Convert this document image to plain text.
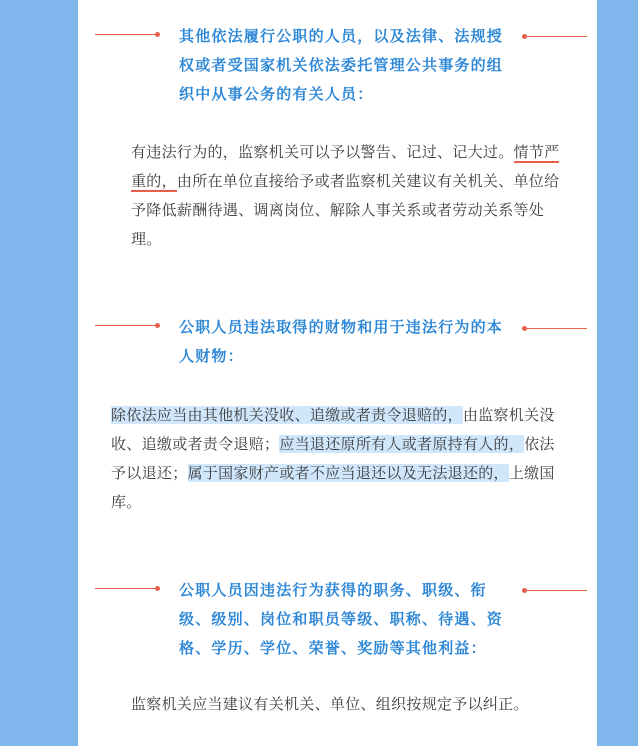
其他依法履行公职的人员，以及法律、法规授权或者受国家机关依法委托管理公共事务的组织中从事公务的有关人员：
有违法行为的，监察机关可以予以警告、记过、记大过。情节严重的，由所在单位直接给予或者监察机关建议有关机关、单位给予降低薪酬待遇、调离岗位、解除人事关系或者劳动关系等处理。
公职人员违法取得的财物和用于违法行为的本人财物：
除依法应当由其他机关没收、追缴或者责令退赔的，由监察机关没收、追缴或者责令退赔；应当退还原所有人或者原持有人的，依法予以退还；属于国家财产或者不应当退还以及无法退还的，上缴国库。
公职人员因违法行为获得的职务、职级、衔级、级别、岗位和职员等级、职称、待遇、资格、学历、学位、荣誉、奖励等其他利益：
监察机关应当建议有关机关、单位、组织按规定予以纠正。
